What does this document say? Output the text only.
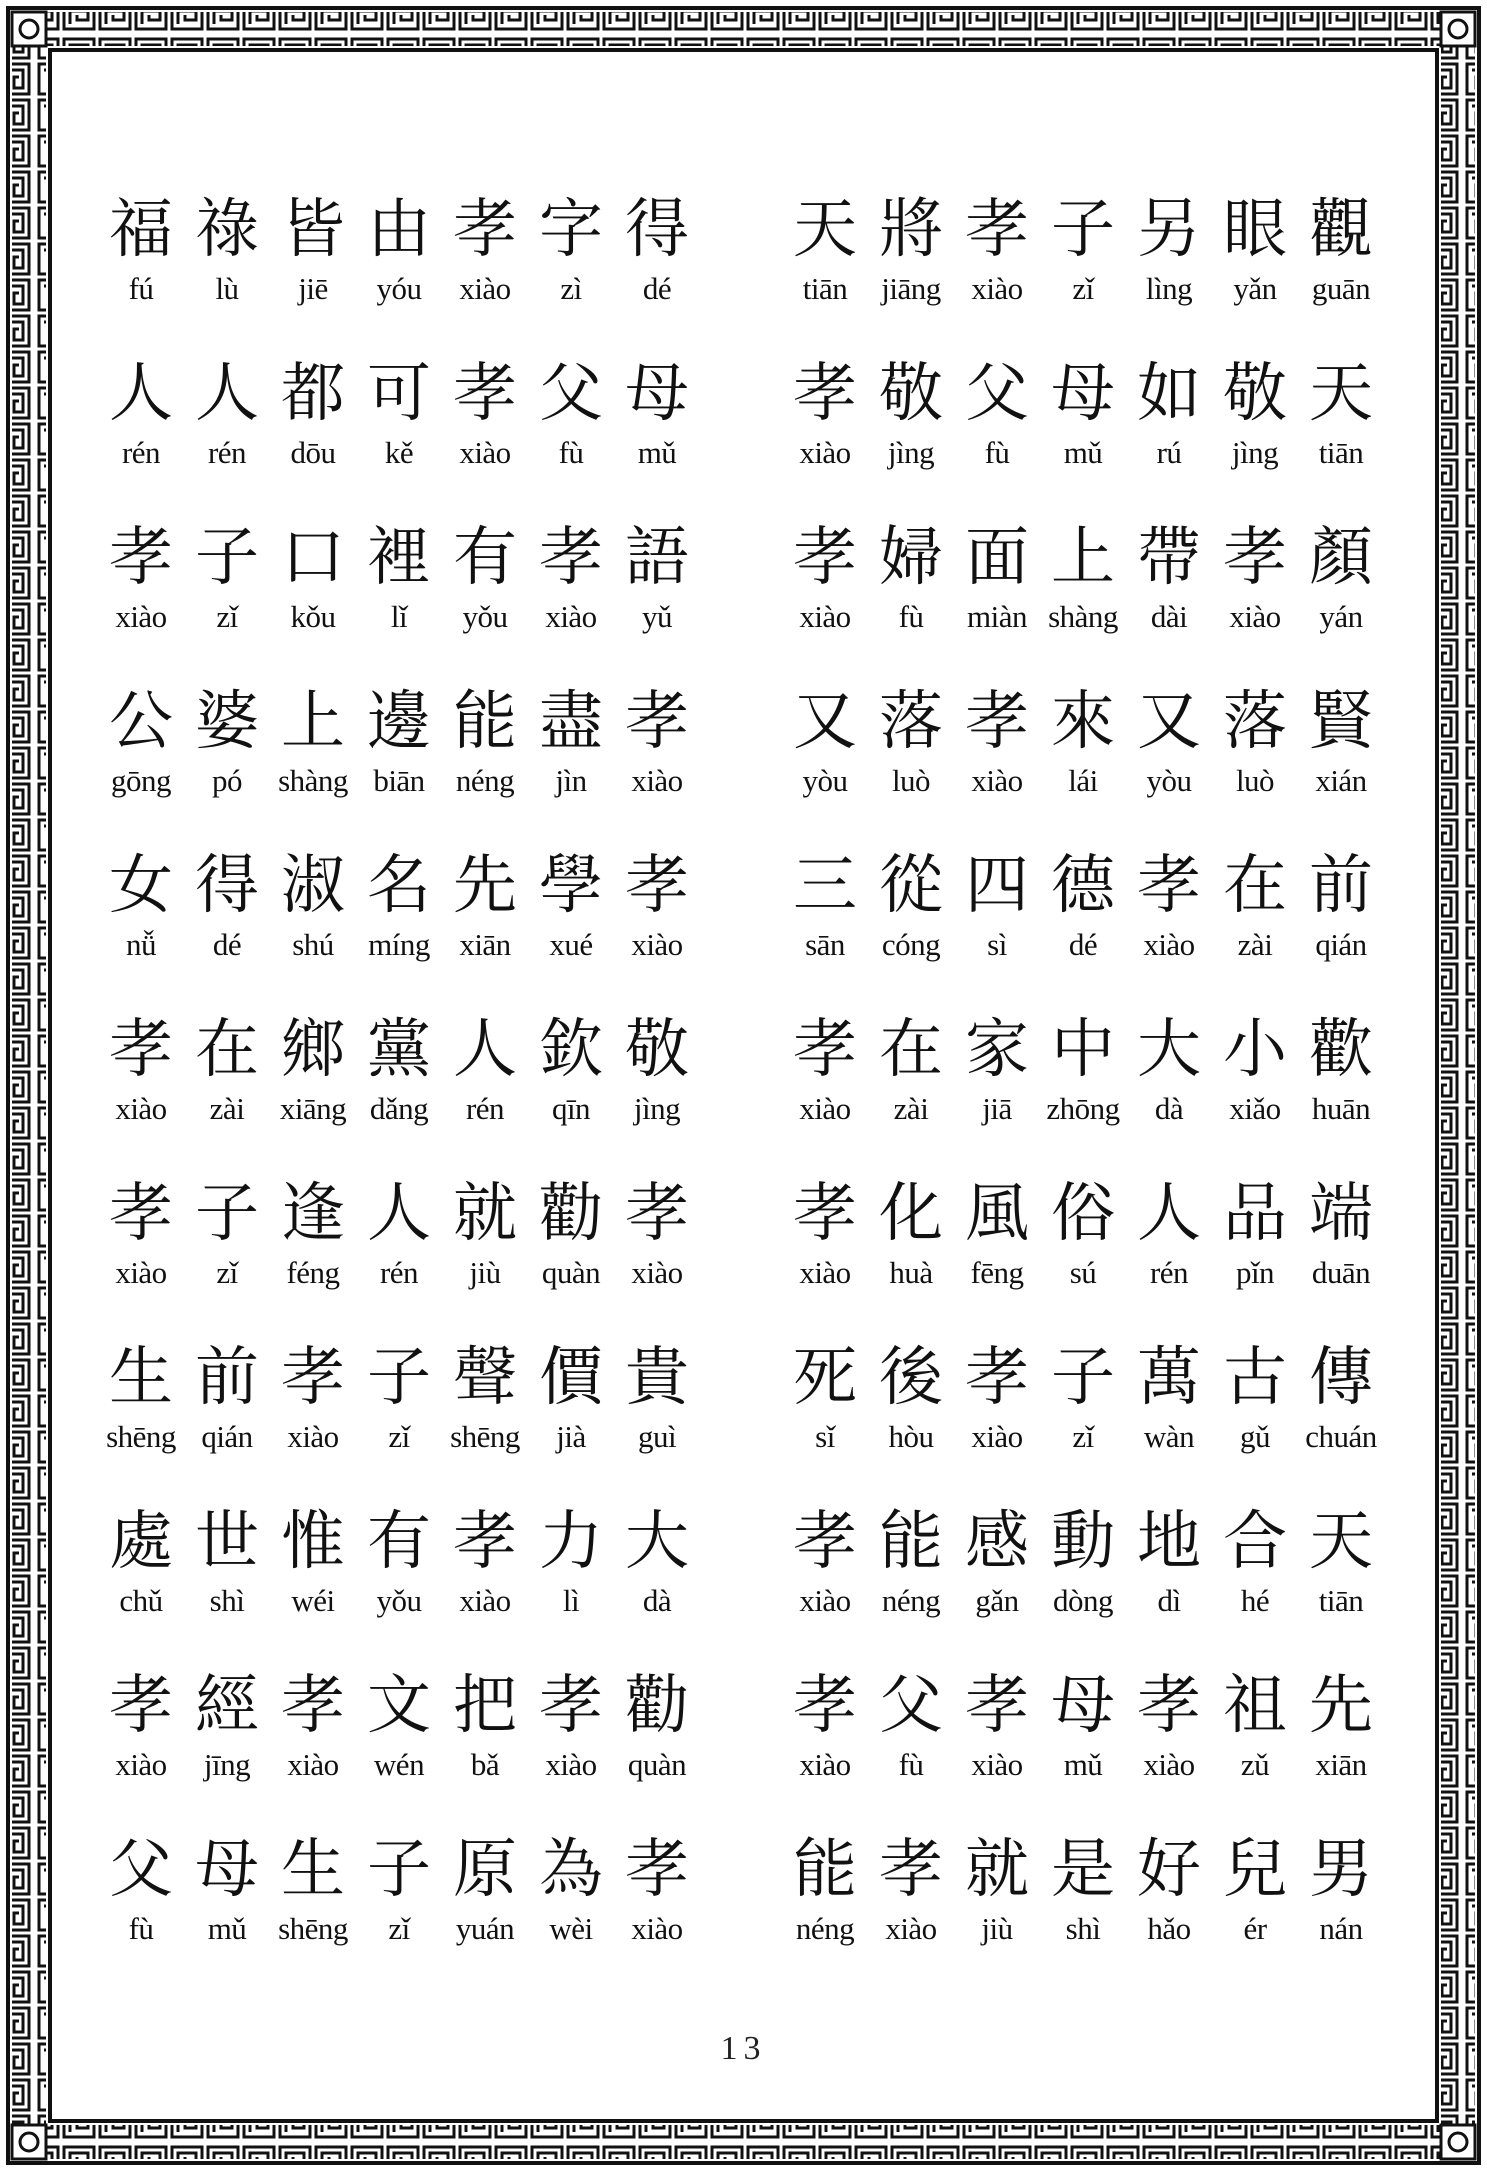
福 祿 皆 由 孝 字 得
fú	lù	jiē	yóu	xiào	zì	dé
人 人 都 可 孝 父 母
rén	rén	dōu	kě	xiào	fù	mǔ
孝 子 口 裡 有 孝 語
xiào	zǐ	kǒu	lǐ	yǒu	xiào	yǔ
公 婆 上 邊 能 盡 孝
gōng	pó	shàng biān	néng	jìn	xiào
女 得 淑 名 先 學 孝
nǚ	dé	shú	míng xiān	xué	xiào
孝 在 鄉 黨 人 欽 敬
xiào	zài	xiāng dǎng	rén	qīn	jìng
孝 子 逢 人 就 勸 孝
xiào	zǐ	féng	rén	jiù	quàn	xiào
生 前 孝 子 聲 價 貴
shēng qián	xiào	zǐ	shēng	jià	guì
處 世 惟 有 孝 力 大
chǔ	shì	wéi	yǒu	xiào	lì	dà
孝 經 孝 文 把 孝 勸
xiào	jīng	xiào	wén	bǎ	xiào	quàn
父 母 生 子 原 為 孝
fù	mǔ	shēng	zǐ	yuán	wèi	xiào
天 將 孝 子 另 眼 觀
tiān	jiāng xiào	zǐ	lìng	yǎn	guān
孝 敬 父 母 如 敬 天
xiào	jìng	fù	mǔ	rú	jìng	tiān
孝 婦 面 上 帶 孝 顏
xiào	fù	miàn shàng	dài	xiào	yán
又 落 孝 來 又 落 賢
yòu	luò	xiào	lái	yòu	luò	xián
三 從 四 德 孝 在 前
sān	cóng	sì	dé	xiào	zài	qián
孝 在 家 中 大 小 歡
xiào	zài	jiā	zhōng	dà	xiǎo	huān
孝 化 風 俗 人 品 端
xiào	huà	fēng	sú	rén	pǐn	duān
死 後 孝 子 萬 古 傳
sǐ	hòu	xiào	zǐ	wàn	gǔ	chuán
孝 能 感 動 地 合 天
xiào	néng	gǎn	dòng	dì	hé	tiān
孝 父 孝 母 孝 祖 先
xiào	fù	xiào	mǔ	xiào	zǔ	xiān
能 孝 就 是 好 兒 男
néng	xiào	jiù	shì	hǎo	ér	nán
13
